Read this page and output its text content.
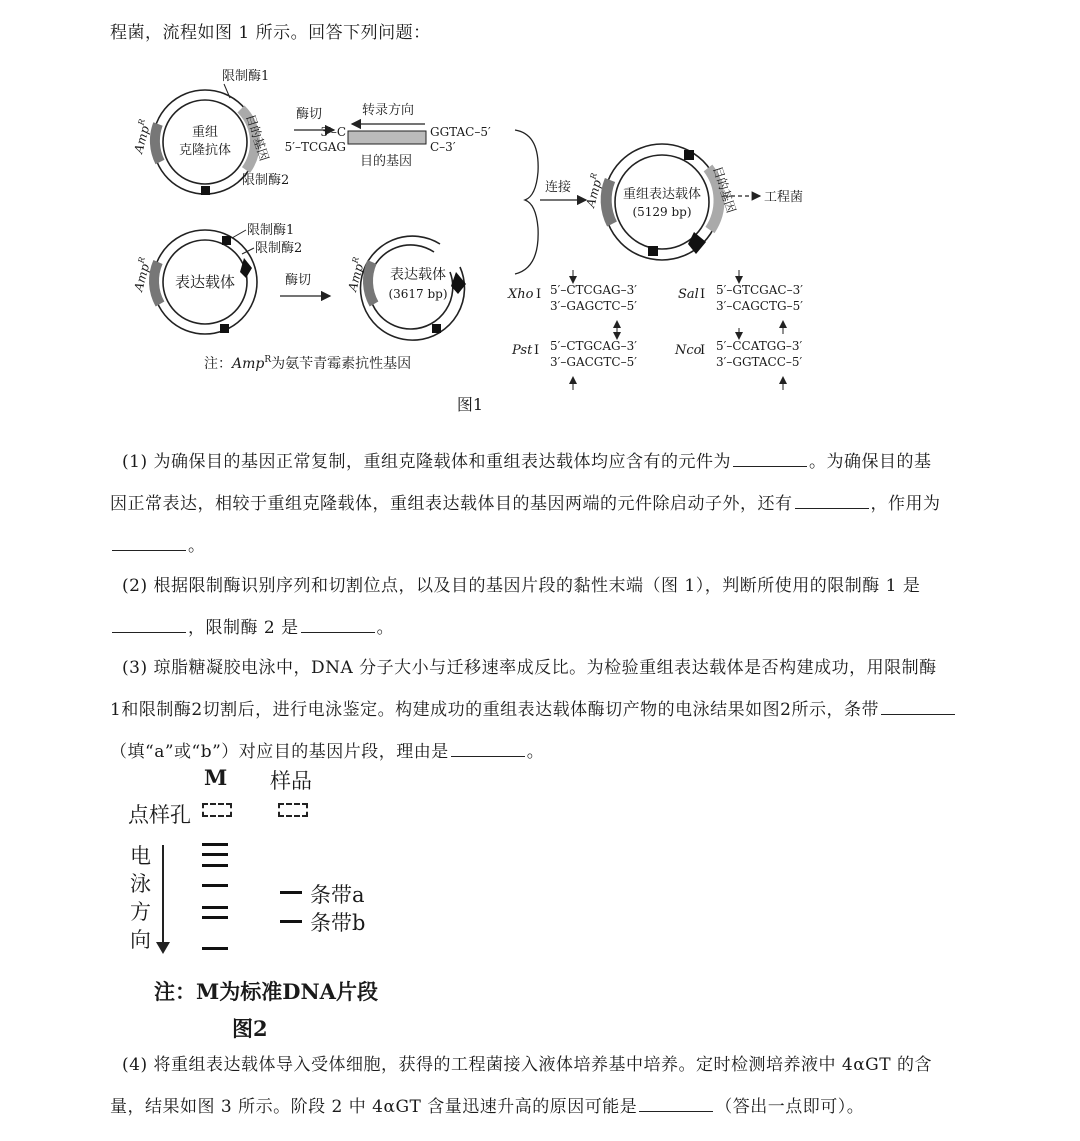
程菌，流程如图 1 所示。回答下列问题：
重组
克隆抗体
Amp$^R$	目的基因
限制酶1
限制酶2
酶切	转录方向
3′–C
5′–TCGAG
GGTAC–5′
C–3′
目的基因
表达载体
Amp$^R$
限制酶1
限制酶2
酶切	表达载体
(3617 bp)
Amp$^R$
连接	重组表达载体
(5129 bp)
Amp$^R$	目的基因 工程菌
Xho Ⅰ 5′–CTCGAG–3′
3′–GAGCTC–5′
Sal Ⅰ 5′–GTCGAC–3′
3′–CAGCTG–5′
Pst Ⅰ 5′–CTGCAG–3′
3′–GACGTC–5′
Nco
Ⅰ 5′–CCATGG–3′
3′–GGTACC–5′
注：Amp$^R$为氨苄青霉素抗性基因
图1
(1) 为确保目的基因正常复制，重组克隆载体和重组表达载体均应含有的元件为	。为确保目的基
因正常表达，相较于重组克隆载体，重组表达载体目的基因两端的元件除启动子外，还有	，作用为
。
(2) 根据限制酶识别序列和切割位点，以及目的基因片段的黏性末端（图 1），判断所使用的限制酶 1 是
，限制酶 2 是	。
(3) 琼脂糖凝胶电泳中，DNA 分子大小与迁移速率成反比。为检验重组表达载体是否构建成功，用限制酶
1和限制酶2切割后，进行电泳鉴定。构建成功的重组表达载体酶切产物的电泳结果如图2所示，条带
（填“a”或“b”）对应目的基因片段，理由是	。
M 样品
点样孔
电
泳
方
向
条带a
条带b
注：M为标准DNA片段
图2
(4) 将重组表达载体导入受体细胞，获得的工程菌接入液体培养基中培养。定时检测培养液中 4αGT 的含
量，结果如图 3 所示。阶段 2 中 4αGT 含量迅速升高的原因可能是	（答出一点即可）。
